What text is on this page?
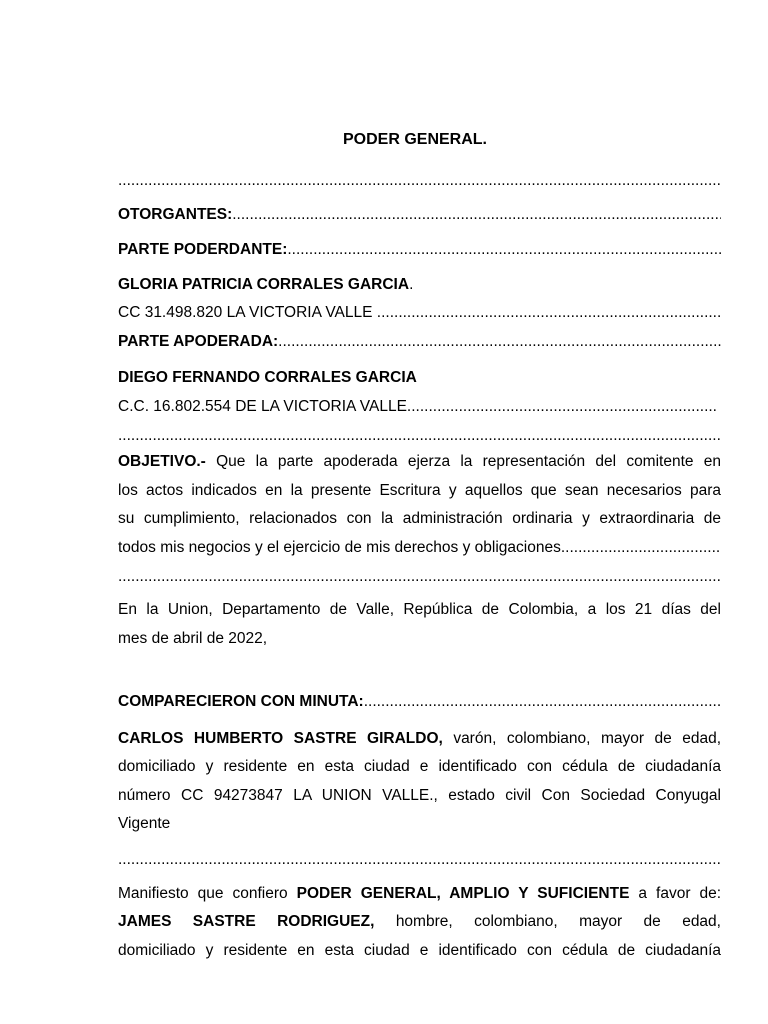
PODER GENERAL.
.....
OTORGANTES: .....
PARTE PODERDANTE: .....
GLORIA PATRICIA CORRALES GARCIA.
CC 31.498.820 LA VICTORIA VALLE .....
PARTE APODERADA: .....
DIEGO FERNANDO CORRALES GARCIA
C.C. 16.802.554 DE LA VICTORIA VALLE .....
.....
OBJETIVO.- Que la parte apoderada ejerza la representación del comitente en
los actos indicados en la presente Escritura y aquellos que sean necesarios para
su cumplimiento, relacionados con la administración ordinaria y extraordinaria de
todos mis negocios y el ejercicio de mis derechos y obligaciones .....
.....
En la Union, Departamento de Valle, República de Colombia, a los 21 días del
mes de abril de 2022,
COMPARECIERON CON MINUTA: .....
CARLOS HUMBERTO SASTRE GIRALDO, varón, colombiano, mayor de edad,
domiciliado y residente en esta ciudad e identificado con cédula de ciudadanía
número CC 94273847 LA UNION VALLE., estado civil Con Sociedad Conyugal
Vigente
.....
Manifiesto que confiero PODER GENERAL, AMPLIO Y SUFICIENTE a favor de:
JAMES SASTRE RODRIGUEZ, hombre, colombiano, mayor de edad,
domiciliado y residente en esta ciudad e identificado con cédula de ciudadanía
